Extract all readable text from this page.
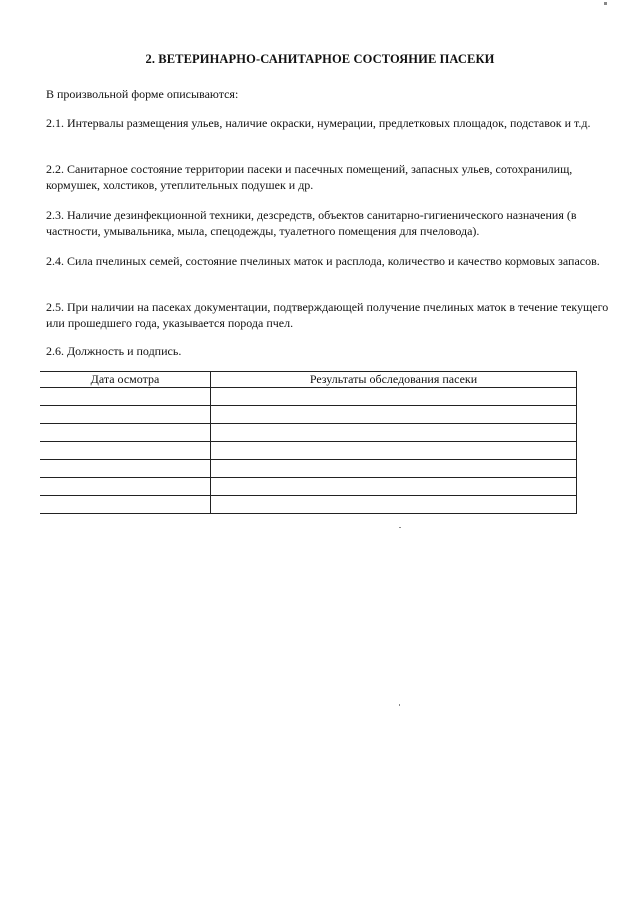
2. ВЕТЕРИНАРНО-САНИТАРНОЕ СОСТОЯНИЕ ПАСЕКИ
В произвольной форме описываются:
2.1. Интервалы размещения ульев, наличие окраски, нумерации, предлетковых площадок, подставок и т.д.
2.2. Санитарное состояние территории пасеки и пасечных помещений, запасных ульев, сотохранилищ, кормушек, холстиков, утеплительных подушек и др.
2.3. Наличие дезинфекционной техники, дезсредств, объектов санитарно-гигиенического назначения (в частности, умывальника, мыла, спецодежды, туалетного помещения для пчеловода).
2.4. Сила пчелиных семей, состояние пчелиных маток и расплода, количество и качество кормовых запасов.
2.5. При наличии на пасеках документации, подтверждающей получение пчелиных маток в течение текущего или прошедшего года, указывается порода пчел.
2.6. Должность и подпись.
Дата осмотра	Результаты обследования пасеки
